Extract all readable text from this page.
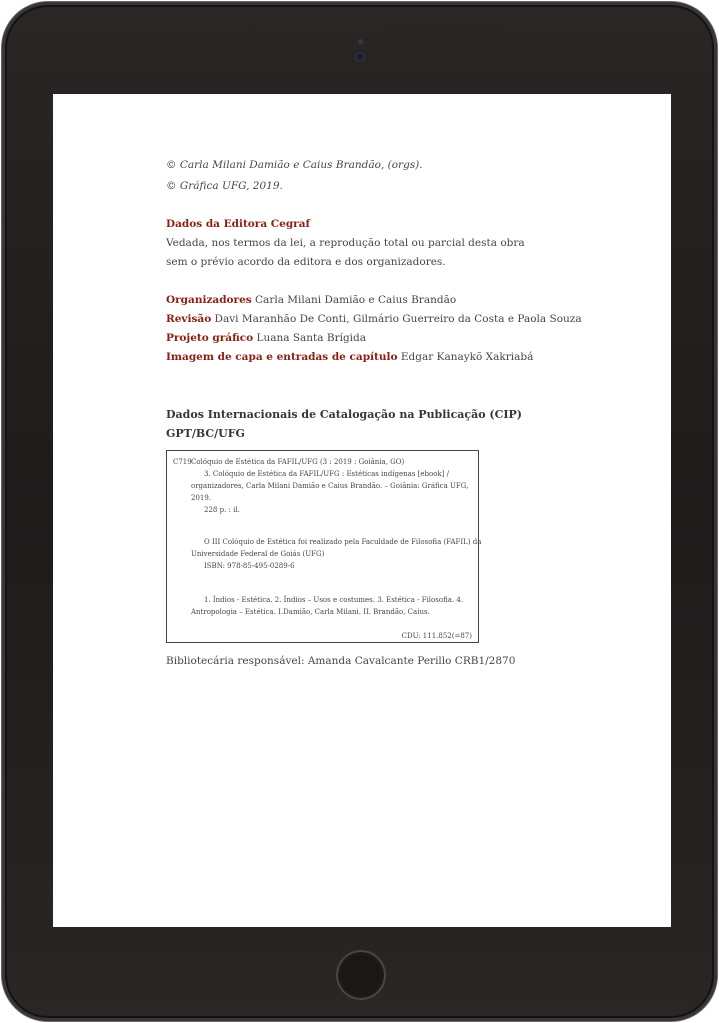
© Carla Milani Damião e Caius Brandão, (orgs).
© Gráfica UFG, 2019.
Dados da Editora Cegraf
Vedada, nos termos da lei, a reprodução total ou parcial desta obra
sem o prévio acordo da editora e dos organizadores.
Organizadores Carla Milani Damião e Caius Brandão
Revisão Davi Maranhão De Conti, Gilmário Guerreiro da Costa e Paola Souza
Projeto gráfico Luana Santa Brígida
Imagem de capa e entradas de capítulo Edgar Kanaykõ Xakriabá
Dados Internacionais de Catalogação na Publicação (CIP)
GPT/BC/UFG
C719 Colóquio de Estética da FAFIL/UFG (3 : 2019 : Goiânia, GO)
3. Colóquio de Estética da FAFIL/UFG : Estéticas indígenas [ebook] /
organizadores, Carla Milani Damião e Caius Brandão. – Goiânia: Gráfica UFG,
2019.
228 p. : il.
O III Colóquio de Estética foi realizado pela Faculdade de Filosofia (FAFIL) da
Universidade Federal de Goiás (UFG)
ISBN: 978-85-495-0289-6
1. Índios - Estética. 2. Índios – Usos e costumes. 3. Estética - Filosofia. 4.
Antropologia – Estética. I.Damião, Carla Milani. II. Brandão, Caius.
CDU: 111.852(=87)
Bibliotecária responsável: Amanda Cavalcante Perillo CRB1/2870
